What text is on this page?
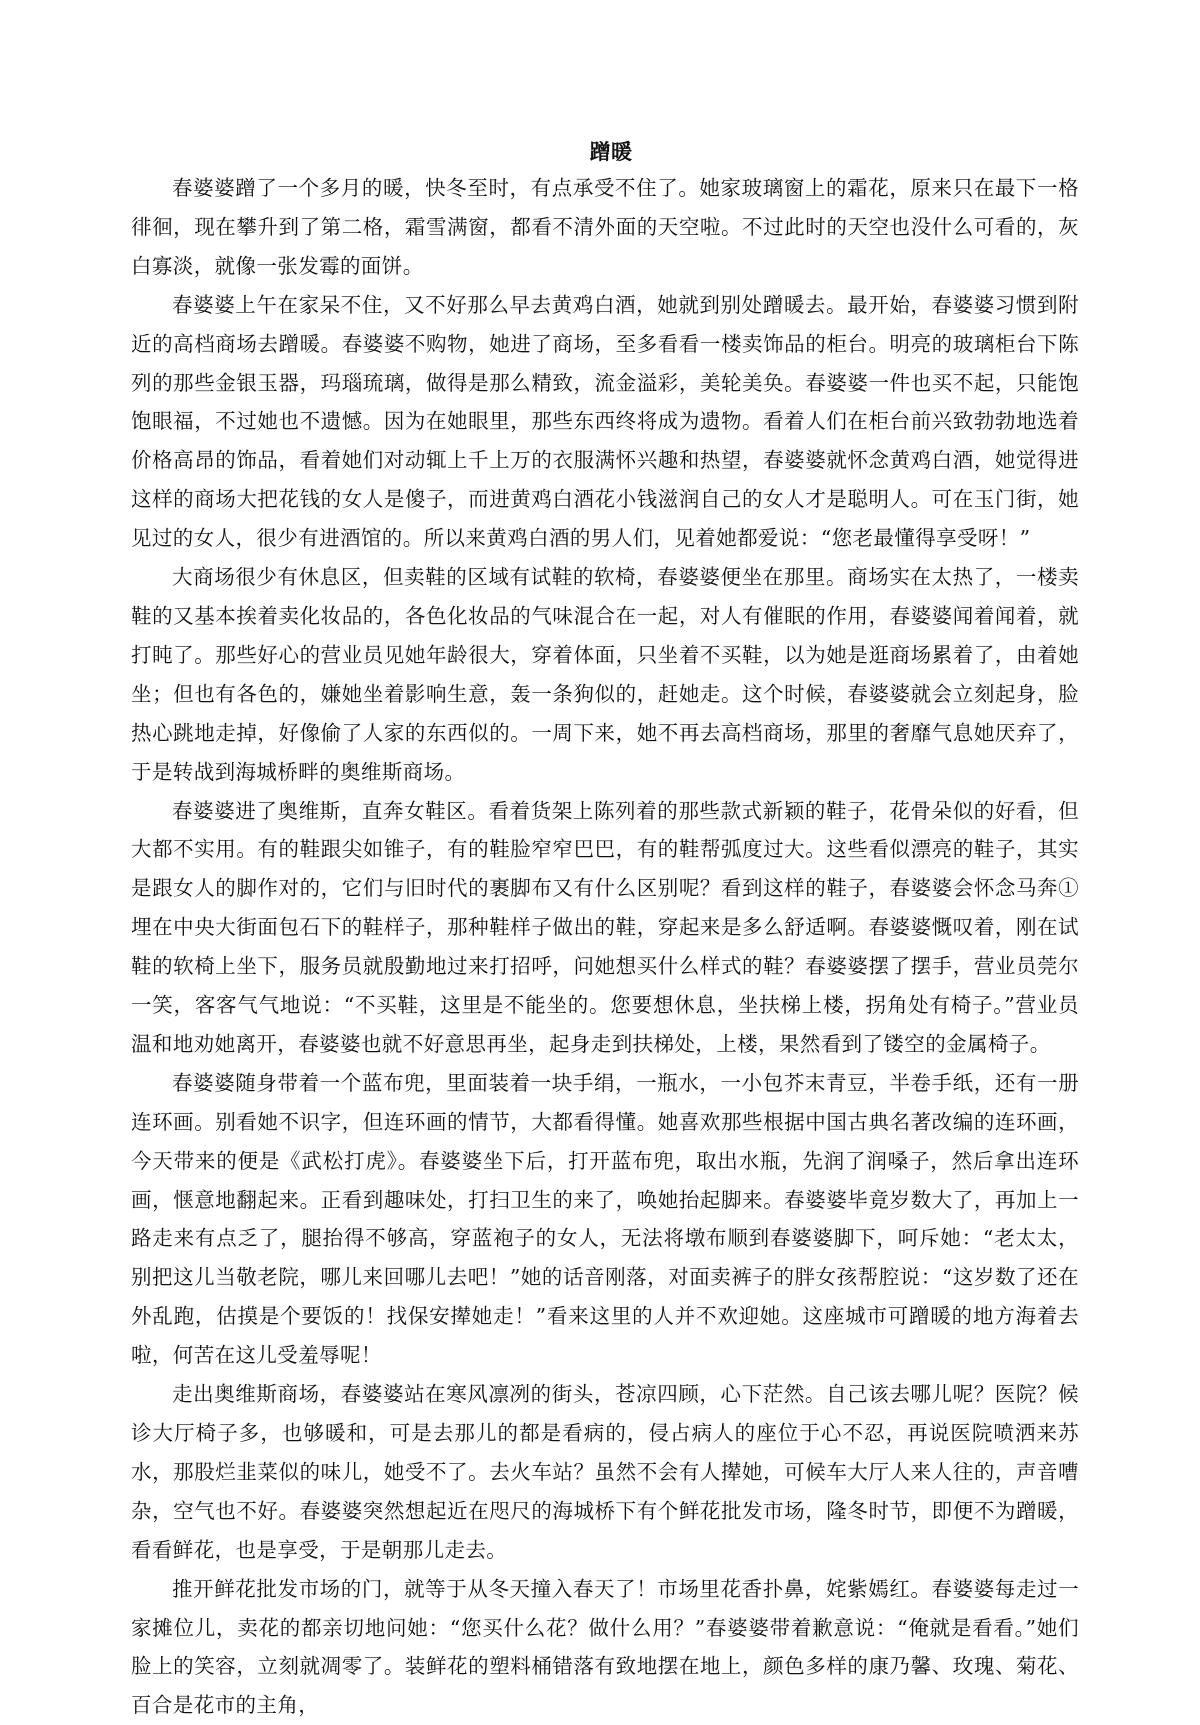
蹭暖

春婆婆蹭了一个多月的暖，快冬至时，有点承受不住了。她家玻璃窗上的霜花，原来只在最下一格徘徊，现在攀升到了第二格，霜雪满窗，都看不清外面的天空啦。不过此时的天空也没什么可看的，灰白寡淡，就像一张发霉的面饼。

春婆婆上午在家呆不住，又不好那么早去黄鸡白酒，她就到别处蹭暖去。最开始，春婆婆习惯到附近的高档商场去蹭暖。春婆婆不购物，她进了商场，至多看看一楼卖饰品的柜台。明亮的玻璃柜台下陈列的那些金银玉器，玛瑙琉璃，做得是那么精致，流金溢彩，美轮美奂。春婆婆一件也买不起，只能饱饱眼福，不过她也不遗憾。因为在她眼里，那些东西终将成为遗物。看着人们在柜台前兴致勃勃地选着价格高昂的饰品，看着她们对动辄上千上万的衣服满怀兴趣和热望，春婆婆就怀念黄鸡白酒，她觉得进这样的商场大把花钱的女人是傻子，而进黄鸡白酒花小钱滋润自己的女人才是聪明人。可在玉门街，她见过的女人，很少有进酒馆的。所以来黄鸡白酒的男人们，见着她都爱说：“您老最懂得享受呀！”

大商场很少有休息区，但卖鞋的区域有试鞋的软椅，春婆婆便坐在那里。商场实在太热了，一楼卖鞋的又基本挨着卖化妆品的，各色化妆品的气味混合在一起，对人有催眠的作用，春婆婆闻着闻着，就打盹了。那些好心的营业员见她年龄很大，穿着体面，只坐着不买鞋，以为她是逛商场累着了，由着她坐；但也有各色的，嫌她坐着影响生意，轰一条狗似的，赶她走。这个时候，春婆婆就会立刻起身，脸热心跳地走掉，好像偷了人家的东西似的。一周下来，她不再去高档商场，那里的奢靡气息她厌弃了，于是转战到海城桥畔的奥维斯商场。

春婆婆进了奥维斯，直奔女鞋区。看着货架上陈列着的那些款式新颖的鞋子，花骨朵似的好看，但大都不实用。有的鞋跟尖如锥子，有的鞋脸窄窄巴巴，有的鞋帮弧度过大。这些看似漂亮的鞋子，其实是跟女人的脚作对的，它们与旧时代的裹脚布又有什么区别呢？看到这样的鞋子，春婆婆会怀念马奔①埋在中央大街面包石下的鞋样子，那种鞋样子做出的鞋，穿起来是多么舒适啊。春婆婆慨叹着，刚在试鞋的软椅上坐下，服务员就殷勤地过来打招呼，问她想买什么样式的鞋？春婆婆摆了摆手，营业员莞尔一笑，客客气气地说：“不买鞋，这里是不能坐的。您要想休息，坐扶梯上楼，拐角处有椅子。”营业员温和地劝她离开，春婆婆也就不好意思再坐，起身走到扶梯处，上楼，果然看到了镂空的金属椅子。

春婆婆随身带着一个蓝布兜，里面装着一块手绢，一瓶水，一小包芥末青豆，半卷手纸，还有一册连环画。别看她不识字，但连环画的情节，大都看得懂。她喜欢那些根据中国古典名著改编的连环画，今天带来的便是《武松打虎》。春婆婆坐下后，打开蓝布兜，取出水瓶，先润了润嗓子，然后拿出连环画，惬意地翻起来。正看到趣味处，打扫卫生的来了，唤她抬起脚来。春婆婆毕竟岁数大了，再加上一路走来有点乏了，腿抬得不够高，穿蓝袍子的女人，无法将墩布顺到春婆婆脚下，呵斥她：“老太太，别把这儿当敬老院，哪儿来回哪儿去吧！”她的话音刚落，对面卖裤子的胖女孩帮腔说：“这岁数了还在外乱跑，估摸是个要饭的！找保安撵她走！”看来这里的人并不欢迎她。这座城市可蹭暖的地方海着去啦，何苦在这儿受羞辱呢！

走出奥维斯商场，春婆婆站在寒风凛冽的街头，苍凉四顾，心下茫然。自己该去哪儿呢？医院？候诊大厅椅子多，也够暖和，可是去那儿的都是看病的，侵占病人的座位于心不忍，再说医院喷洒来苏水，那股烂韭菜似的味儿，她受不了。去火车站？虽然不会有人撵她，可候车大厅人来人往的，声音嘈杂，空气也不好。春婆婆突然想起近在咫尺的海城桥下有个鲜花批发市场，隆冬时节，即便不为蹭暖，看看鲜花，也是享受，于是朝那儿走去。

推开鲜花批发市场的门，就等于从冬天撞入春天了！市场里花香扑鼻，姹紫嫣红。春婆婆每走过一家摊位儿，卖花的都亲切地问她：“您买什么花？做什么用？”春婆婆带着歉意说：“俺就是看看。”她们脸上的笑容，立刻就凋零了。装鲜花的塑料桶错落有致地摆在地上，颜色多样的康乃馨、玫瑰、菊花、百合是花市的主角，
